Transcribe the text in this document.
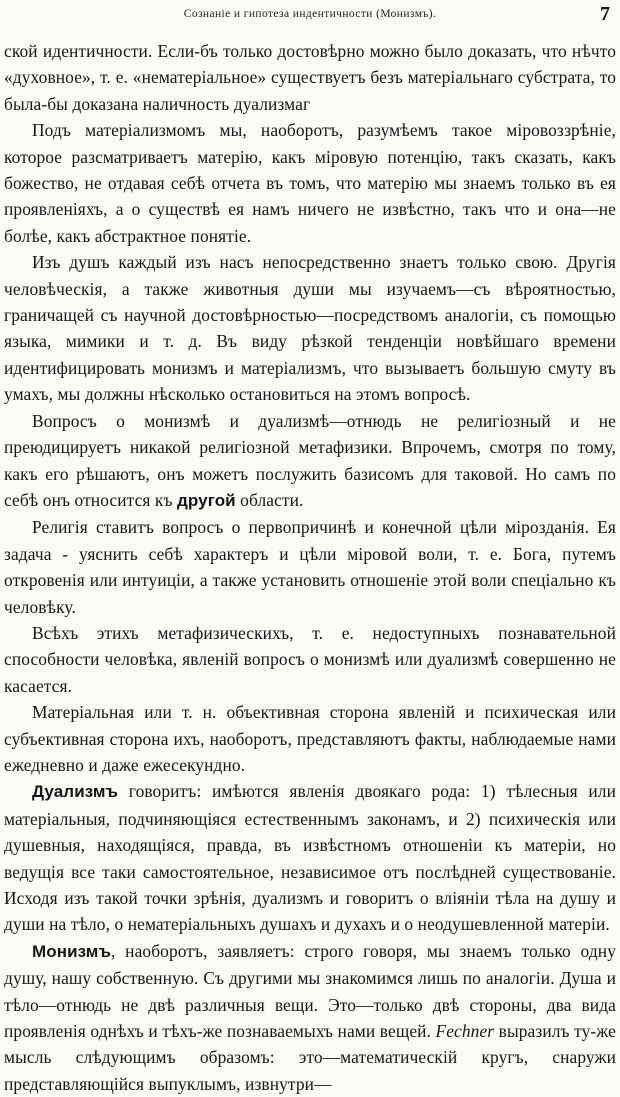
Сознаніе и гипотеза индентичности (Монизмъ).	7

ской идентичности. Если-бъ только достовѣрно можно было доказать, что нѣчто «духовное», т. е. «нематеріальное» существуетъ безъ матеріальнаго субстрата, то была-бы доказана наличность дуализмаг

Подъ матеріализмомъ мы, наоборотъ, разумѣемъ такое міровоззрѣніе, которое разсматриваетъ матерію, какъ міровую потенцію, такъ сказать, какъ божество, не отдавая себѣ отчета въ томъ, что матерію мы знаемъ только въ ея проявленіяхъ, а о существѣ ея намъ ничего не извѣстно, такъ что и она—не болѣе, какъ абстрактное понятіе.

Изъ душъ каждый изъ насъ непосредственно знаетъ только свою. Другія человѣческія, а также животныя души мы изучаемъ—съ вѣроятностью, граничащей съ научной достовѣрностью—посредствомъ аналогіи, съ помощью языка, мимики и т. д. Въ виду рѣзкой тенденціи новѣйшаго времени идентифицировать монизмъ и матеріализмъ, что вызываетъ большую смуту въ умахъ, мы должны нѣсколько остановиться на этомъ вопросѣ.

Вопросъ о монизмѣ и дуализмѣ—отнюдь не религіозный и не преюдицируетъ никакой религіозной метафизики. Впрочемъ, смотря по тому, какъ его рѣшаютъ, онъ можетъ послужить базисомъ для таковой. Но самъ по себѣ онъ относится къ другой области.

Религія ставитъ вопросъ о первопричинѣ и конечной цѣли мірозданія. Ея задача - уяснить себѣ характеръ и цѣли міровой воли, т. е. Бога, путемъ откровенія или интуиціи, а также установить отношеніе этой воли спеціально къ человѣку.

Всѣхъ этихъ метафизическихъ, т. е. недоступныхъ познавательной способности человѣка, явленій вопросъ о монизмѣ или дуализмѣ совершенно не касается.

Матеріальная или т. н. объективная сторона явленій и психическая или субъективная сторона ихъ, наоборотъ, представляютъ факты, наблюдаемые нами ежедневно и даже ежесекундно.

Дуализмъ говоритъ: имѣются явленія двоякаго рода: 1) тѣлесныя или матеріальныя, подчиняющіяся естественнымъ законамъ, и 2) психическія или душевныя, находящіяся, правда, въ извѣстномъ отношеніи къ матеріи, но ведущія все таки самостоятельное, независимое отъ послѣдней существованіе. Исходя изъ такой точки зрѣнія, дуализмъ и говоритъ о вліяніи тѣла на душу и души на тѣло, о нематеріальныхъ душахъ и духахъ и о неодушевленной матеріи.

Монизмъ, наоборотъ, заявляетъ: строго говоря, мы знаемъ только одну душу, нашу собственную. Съ другими мы знакомимся лишь по аналогіи. Душа и тѣло—отнюдь не двѣ различныя вещи. Это—только двѣ стороны, два вида проявленія однѣхъ и тѣхъ-же познаваемыхъ нами вещей. Fechner выразилъ ту-же мысль слѣдующимъ образомъ: это—математическій кругъ, снаружи представляющійся выпуклымъ, извнутри—
